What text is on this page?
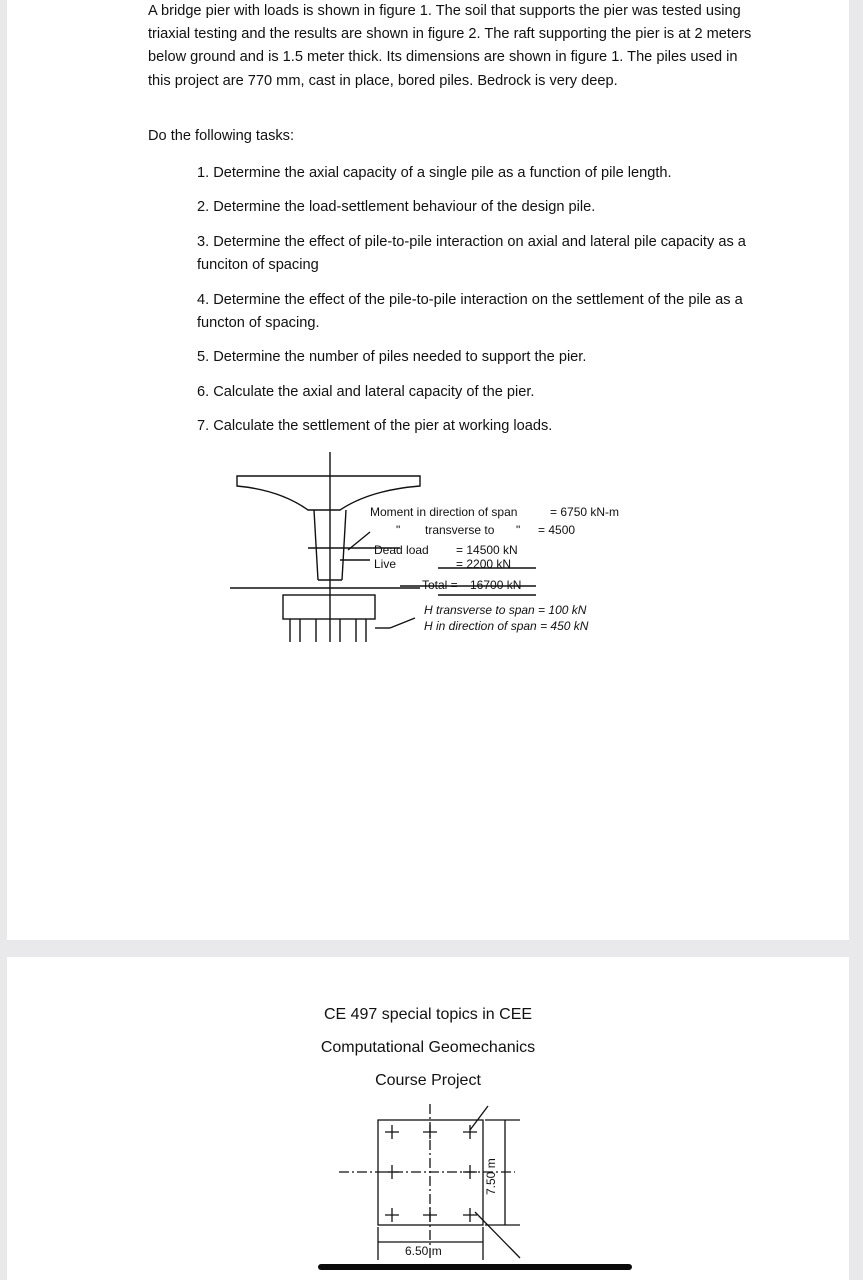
A bridge pier with loads is shown in figure 1. The soil that supports the pier was tested using triaxial testing and the results are shown in figure 2. The raft supporting the pier is at 2 meters below ground and is 1.5 meter thick. Its dimensions are shown in figure 1. The piles used in this project are 770 mm, cast in place, bored piles. Bedrock is very deep.

Do the following tasks:

1. Determine the axial capacity of a single pile as a function of pile length.

2. Determine the load-settlement behaviour of the design pile.

3. Determine the effect of pile-to-pile interaction on axial and lateral pile capacity as a funciton of spacing

4. Determine the effect of the pile-to-pile interaction on the settlement of the pile as a functon of spacing.

5. Determine the number of piles needed to support the pier.

6. Calculate the axial and lateral capacity of the pier.

7. Calculate the settlement of the pier at working loads.

Moment in direction of span	= 6750 kN-m
" transverse to " = 4500
Dead load = 14500 kN
Live	= 2200 kN
Total = 16700 kN
H transverse to span = 100 kN
H in direction of span = 450 kN

CE 497 special topics in CEE

Computational Geomechanics

Course Project

7.50 m
6.50 m
